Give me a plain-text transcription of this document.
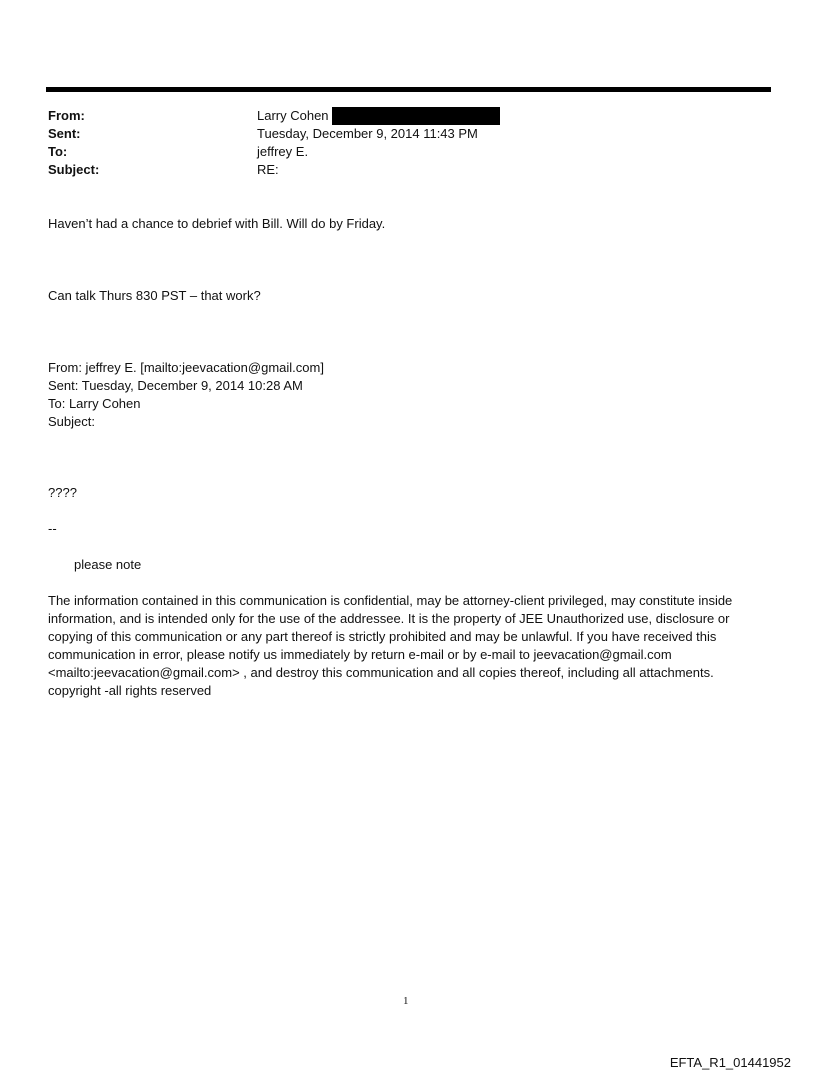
From:	Larry Cohen
Sent:	Tuesday, December 9, 2014 11:43 PM
To:	jeffrey E.
Subject:	RE:
Haven’t had a chance to debrief with Bill. Will do by Friday.
Can talk Thurs 830 PST – that work?
From: jeffrey E. [mailto:jeevacation@gmail.com]
Sent: Tuesday, December 9, 2014 10:28 AM
To: Larry Cohen
Subject:
????
--
please note
The information contained in this communication is confidential, may be attorney-client privileged, may constitute inside information, and is intended only for the use of the addressee. It is the property of JEE Unauthorized use, disclosure or copying of this communication or any part thereof is strictly prohibited and may be unlawful. If you have received this communication in error, please notify us immediately by return e-mail or by e-mail to jeevacation@gmail.com <mailto:jeevacation@gmail.com> , and destroy this communication and all copies thereof, including all attachments. copyright -all rights reserved
1
EFTA_R1_01441952
